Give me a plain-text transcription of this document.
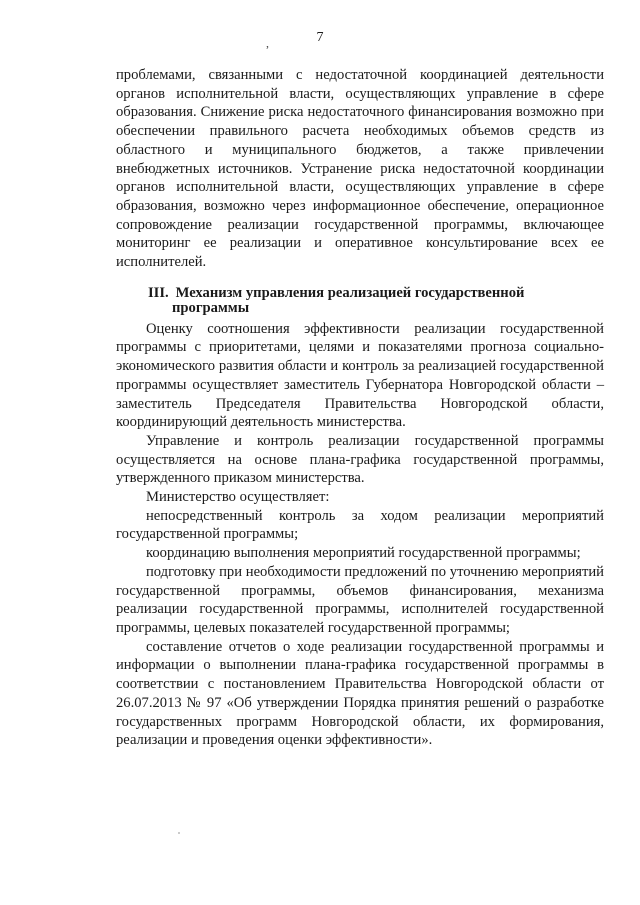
7
,

проблемами, связанными с недостаточной координацией деятельности органов исполнительной власти, осуществляющих управление в сфере образования. Снижение риска недостаточного финансирования возможно при обеспечении правильного расчета необходимых объемов средств из областного и муниципального бюджетов, а также привлечении внебюджетных источников. Устранение риска недостаточной координации органов исполнительной власти, осуществляющих управление в сфере образования, возможно через информационное обеспечение, операционное сопровождение реализации государственной программы, включающее мониторинг ее реализации и оперативное консультирование всех ее исполнителей.

III. Механизм управления реализацией государственной
программы

Оценку соотношения эффективности реализации государственной программы с приоритетами, целями и показателями прогноза социально-экономического развития области и контроль за реализацией государственной программы осуществляет заместитель Губернатора Новгородской области – заместитель Председателя Правительства Новгородской области, координирующий деятельность министерства.

Управление и контроль реализации государственной программы осуществляется на основе плана-графика государственной программы, утвержденного приказом министерства.

Министерство осуществляет:

непосредственный контроль за ходом реализации мероприятий государственной программы;

координацию выполнения мероприятий государственной программы;

подготовку при необходимости предложений по уточнению мероприятий государственной программы, объемов финансирования, механизма реализации государственной программы, исполнителей государственной программы, целевых показателей государственной программы;

составление отчетов о ходе реализации государственной программы и информации о выполнении плана-графика государственной программы в соответствии с постановлением Правительства Новгородской области от 26.07.2013 № 97 «Об утверждении Порядка принятия решений о разработке государственных программ Новгородской области, их формирования, реализации и проведения оценки эффективности».
